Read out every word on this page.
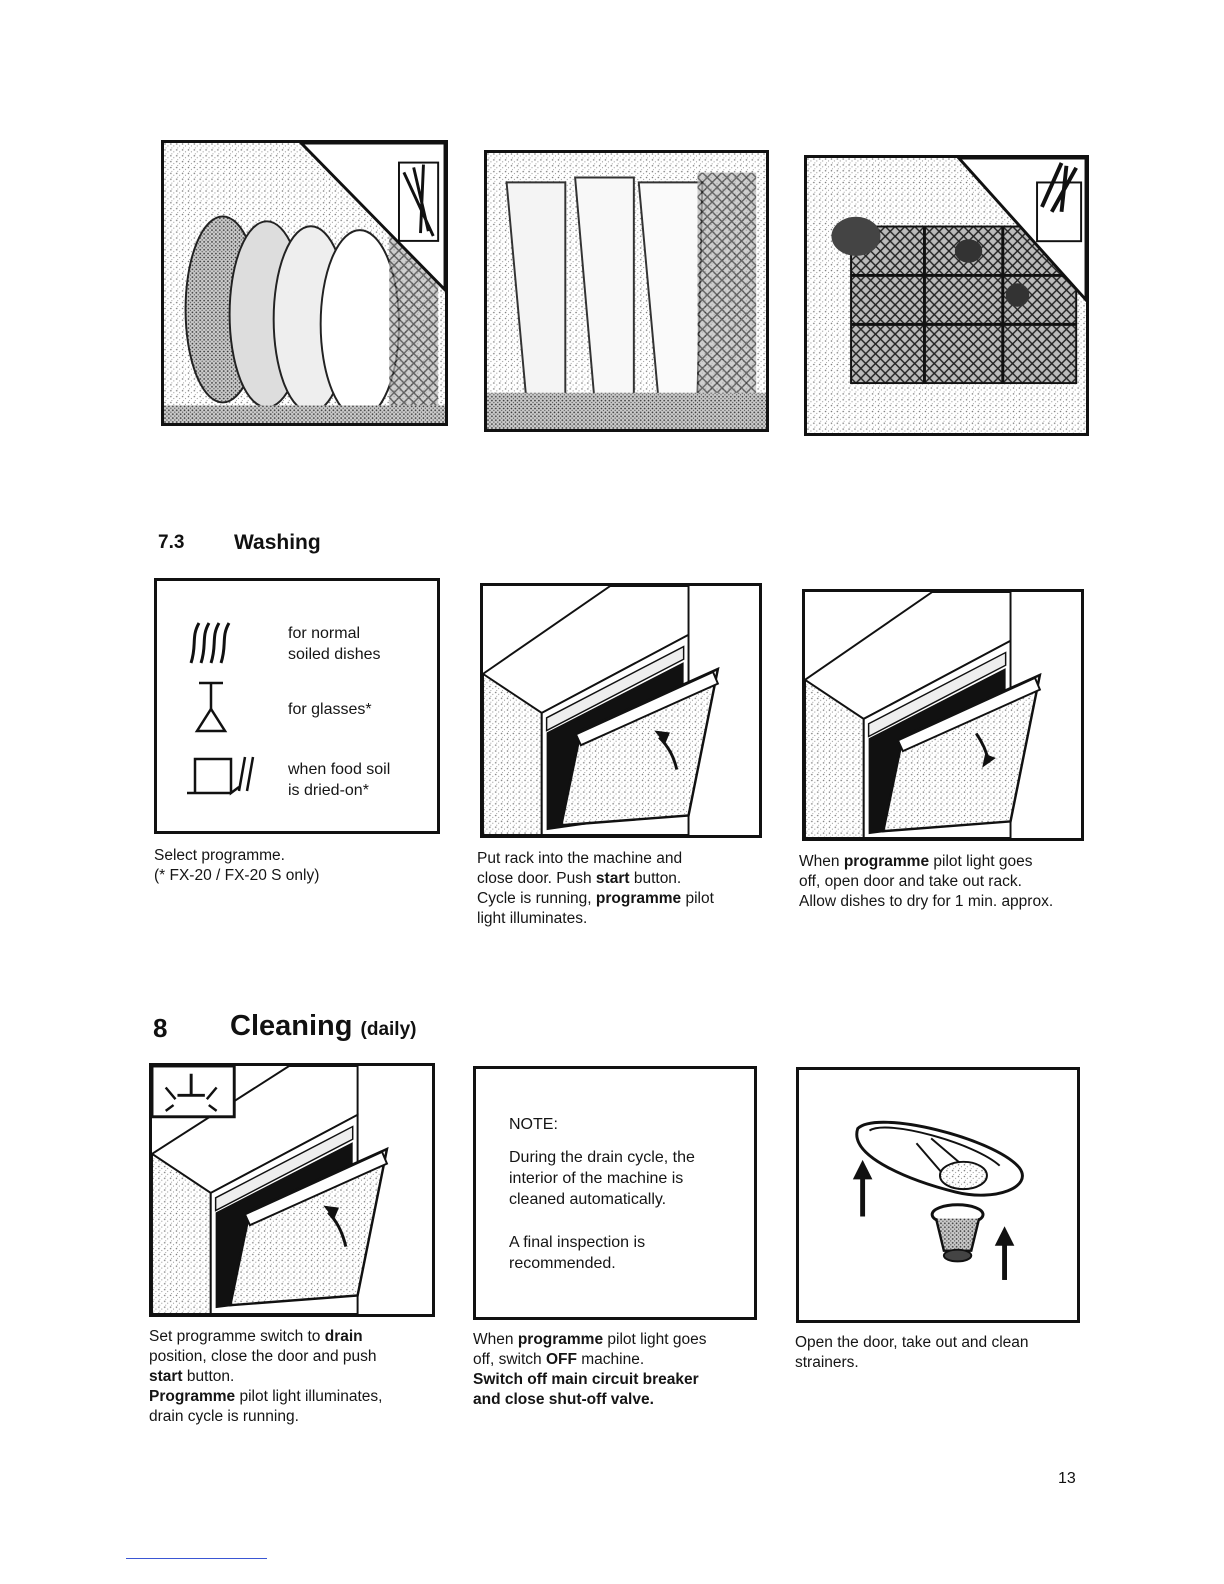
7.3 Washing
for normal
soiled dishes
for glasses*
when food soil
is dried-on*
Select programme.
(* FX-20 / FX-20 S only)
Put rack into the machine and
close door. Push start button.
Cycle is running, programme pilot
light illuminates.
When programme pilot light goes
off, open door and take out rack.
Allow dishes to dry for 1 min. approx.
8 Cleaning (daily)
NOTE:
During the drain cycle, the
interior of the machine is
cleaned automatically.
A final inspection is
recommended.
Set programme switch to drain
position, close the door and push
start button.
Programme pilot light illuminates,
drain cycle is running.
When programme pilot light goes
off, switch OFF machine.
Switch off main circuit breaker
and close shut-off valve.
Open the door, take out and clean
strainers.
13
